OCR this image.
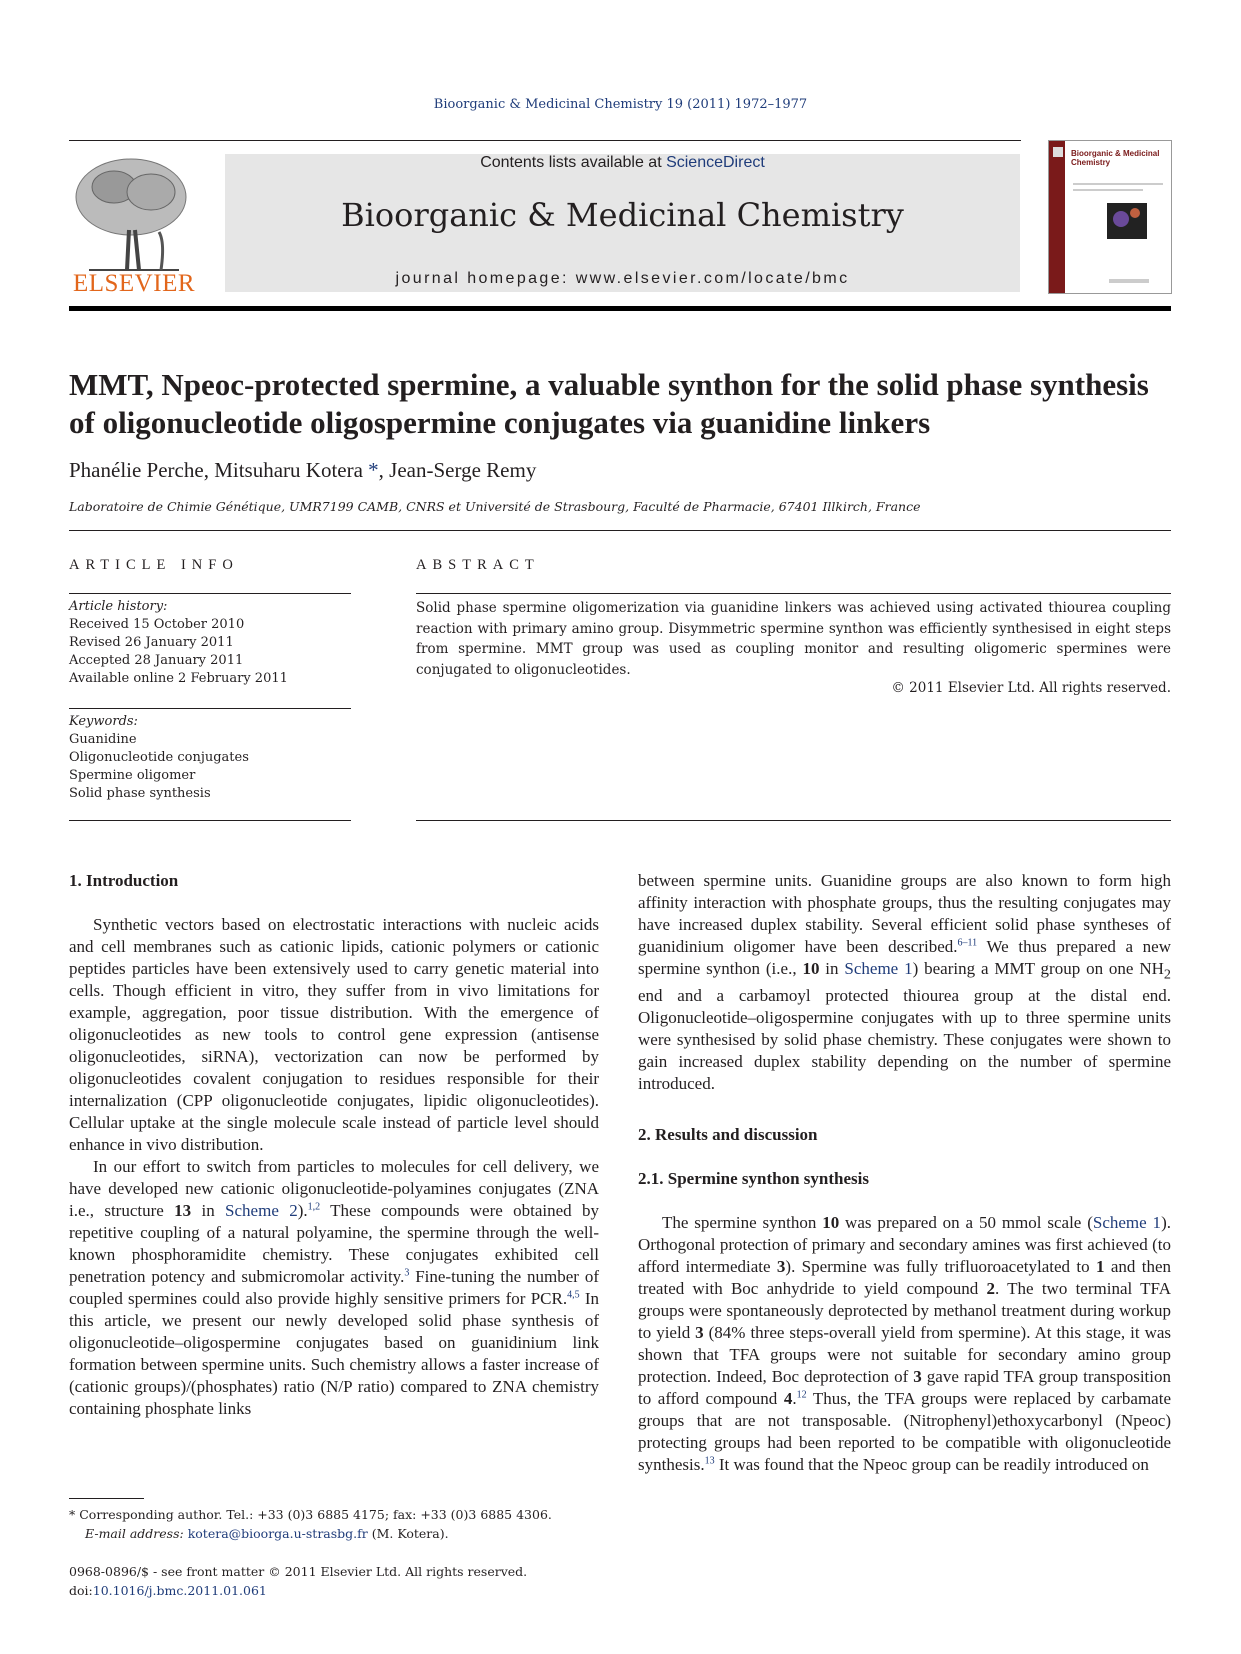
Bioorganic & Medicinal Chemistry 19 (2011) 1972–1977
ELSEVIER
Contents lists available at ScienceDirect
Bioorganic & Medicinal Chemistry
journal homepage: www.elsevier.com/locate/bmc
Bioorganic & Medicinal Chemistry
MMT, Npeoc-protected spermine, a valuable synthon for the solid phase synthesis of oligonucleotide oligospermine conjugates via guanidine linkers
Phanélie Perche, Mitsuharu Kotera *, Jean-Serge Remy
Laboratoire de Chimie Génétique, UMR7199 CAMB, CNRS et Université de Strasbourg, Faculté de Pharmacie, 67401 Illkirch, France
ARTICLE INFO	ABSTRACT
Article history:
Received 15 October 2010
Revised 26 January 2011
Accepted 28 January 2011
Available online 2 February 2011
Keywords:
Guanidine
Oligonucleotide conjugates
Spermine oligomer
Solid phase synthesis
Solid phase spermine oligomerization via guanidine linkers was achieved using activated thiourea coupling reaction with primary amino group. Disymmetric spermine synthon was efficiently synthesised in eight steps from spermine. MMT group was used as coupling monitor and resulting oligomeric spermines were conjugated to oligonucleotides.
© 2011 Elsevier Ltd. All rights reserved.
1. Introduction

Synthetic vectors based on electrostatic interactions with nucleic acids and cell membranes such as cationic lipids, cationic polymers or cationic peptides particles have been extensively used to carry genetic material into cells. Though efficient in vitro, they suffer from in vivo limitations for example, aggregation, poor tissue distribution. With the emergence of oligonucleotides as new tools to control gene expression (antisense oligonucleotides, siRNA), vectorization can now be performed by oligonucleotides covalent conjugation to residues responsible for their internalization (CPP oligonucleotide conjugates, lipidic oligonucleotides). Cellular uptake at the single molecule scale instead of particle level should enhance in vivo distribution.

In our effort to switch from particles to molecules for cell delivery, we have developed new cationic oligonucleotide-polyamines conjugates (ZNA i.e., structure 13 in Scheme 2).$^{1,2}$ These compounds were obtained by repetitive coupling of a natural polyamine, the spermine through the well-known phosphoramidite chemistry. These conjugates exhibited cell penetration potency and submicromolar activity.$^3$ Fine-tuning the number of coupled spermines could also provide highly sensitive primers for PCR.$^{4,5}$ In this article, we present our newly developed solid phase synthesis of oligonucleotide–oligospermine conjugates based on guanidinium link formation between spermine units. Such chemistry allows a faster increase of (cationic groups)/(phosphates) ratio (N/P ratio) compared to ZNA chemistry containing phosphate links

between spermine units. Guanidine groups are also known to form high affinity interaction with phosphate groups, thus the resulting conjugates may have increased duplex stability. Several efficient solid phase syntheses of guanidinium oligomer have been described.$^{6-11}$ We thus prepared a new spermine synthon (i.e., 10 in Scheme 1) bearing a MMT group on one $NH_2$ end and a carbamoyl protected thiourea group at the distal end. Oligonucleotide–oligospermine conjugates with up to three spermine units were synthesised by solid phase chemistry. These conjugates were shown to gain increased duplex stability depending on the number of spermine introduced.

2. Results and discussion
2.1. Spermine synthon synthesis

The spermine synthon 10 was prepared on a 50 mmol scale (Scheme 1). Orthogonal protection of primary and secondary amines was first achieved (to afford intermediate 3). Spermine was fully trifluoroacetylated to 1 and then treated with Boc anhydride to yield compound 2. The two terminal TFA groups were spontaneously deprotected by methanol treatment during workup to yield 3 (84% three steps-overall yield from spermine). At this stage, it was shown that TFA groups were not suitable for secondary amino group protection. Indeed, Boc deprotection of 3 gave rapid TFA group transposition to afford compound 4.12 Thus, the TFA groups were replaced by carbamate groups that are not transposable. (Nitrophenyl)ethoxycarbonyl (Npeoc) protecting groups had been reported to be compatible with oligonucleotide synthesis.$^{13}$ It was found that the Npeoc group can be readily introduced on

* Corresponding author. Tel.: +33 (0)3 6885 4175; fax: +33 (0)3 6885 4306.
E-mail address: kotera@bioorga.u-strasbg.fr (M. Kotera).
0968-0896/$ - see front matter © 2011 Elsevier Ltd. All rights reserved.
doi:10.1016/j.bmc.2011.01.061
